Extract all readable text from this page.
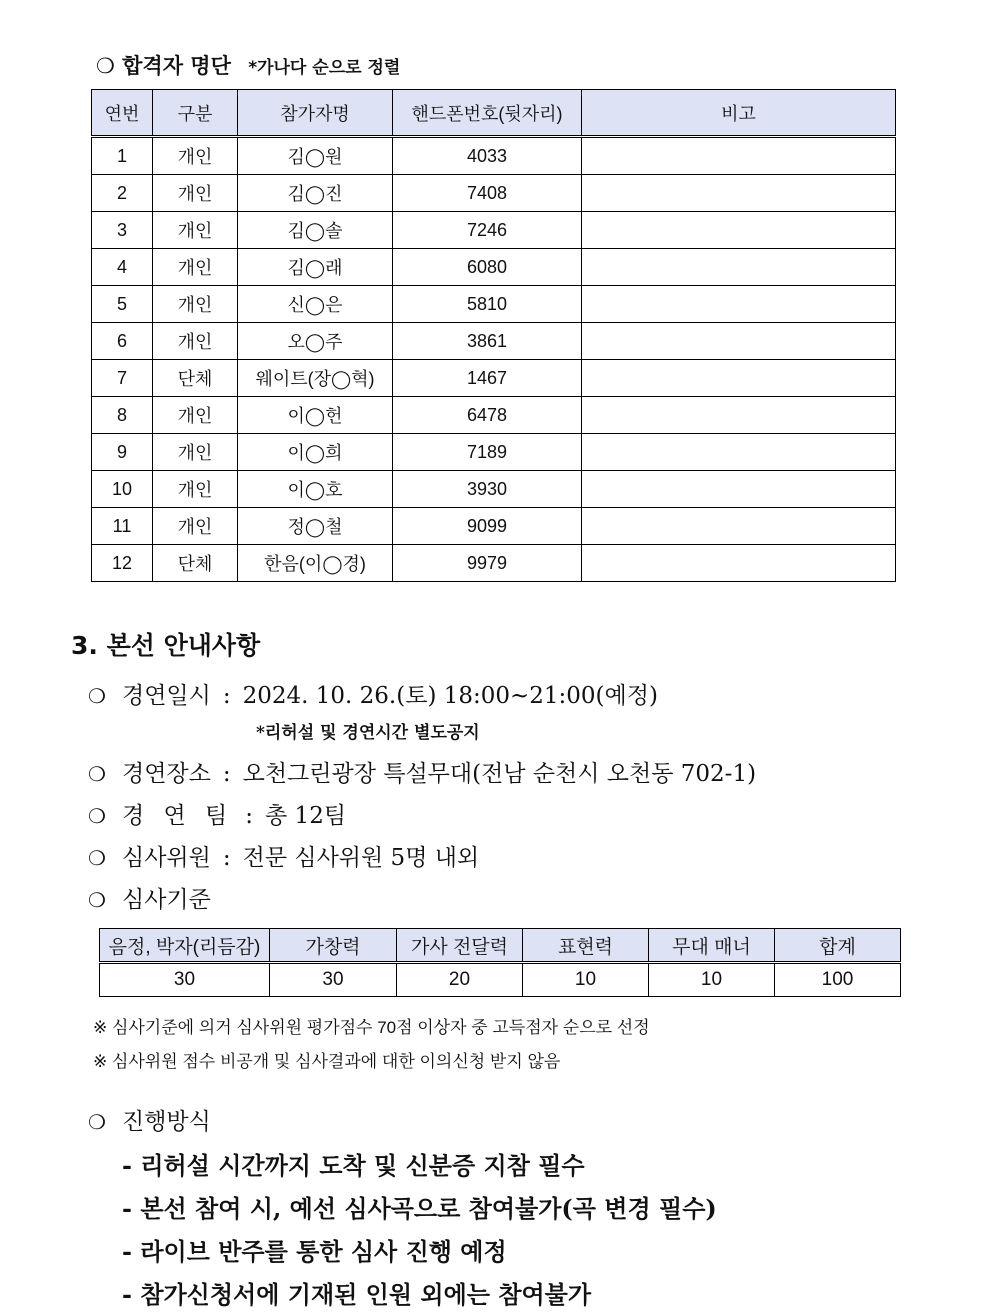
❍ 합격자 명단 *가나다 순으로 정렬
연번	구분	참가자명	핸드폰번호(뒷자리)	비고
1	개인	김◯원	4033	
2	개인	김◯진	7408	
3	개인	김◯솔	7246	
4	개인	김◯래	6080	
5	개인	신◯은	5810	
6	개인	오◯주	3861	
7	단체	웨이트(장◯혁)	1467	
8	개인	이◯헌	6478	
9	개인	이◯희	7189	
10	개인	이◯호	3930	
11	개인	정◯철	9099	
12	단체	한음(이◯경)	9979	
3. 본선 안내사항
❍ 경연일시 : 2024. 10. 26.(토) 18:00~21:00(예정)
*리허설 및 경연시간 별도공지
❍ 경연장소 : 오천그린광장 특설무대(전남 순천시 오천동 702-1)
❍ 경 연 팀 : 총 12팀
❍ 심사위원 : 전문 심사위원 5명 내외
❍ 심사기준
음정, 박자(리듬감)	가창력	가사 전달력	표현력	무대 매너	합계
30	30	20	10	10	100
※ 심사기준에 의거 심사위원 평가점수 70점 이상자 중 고득점자 순으로 선정
※ 심사위원 점수 비공개 및 심사결과에 대한 이의신청 받지 않음
❍ 진행방식
- 리허설 시간까지 도착 및 신분증 지참 필수
- 본선 참여 시, 예선 심사곡으로 참여불가(곡 변경 필수)
- 라이브 반주를 통한 심사 진행 예정
- 참가신청서에 기재된 인원 외에는 참여불가
